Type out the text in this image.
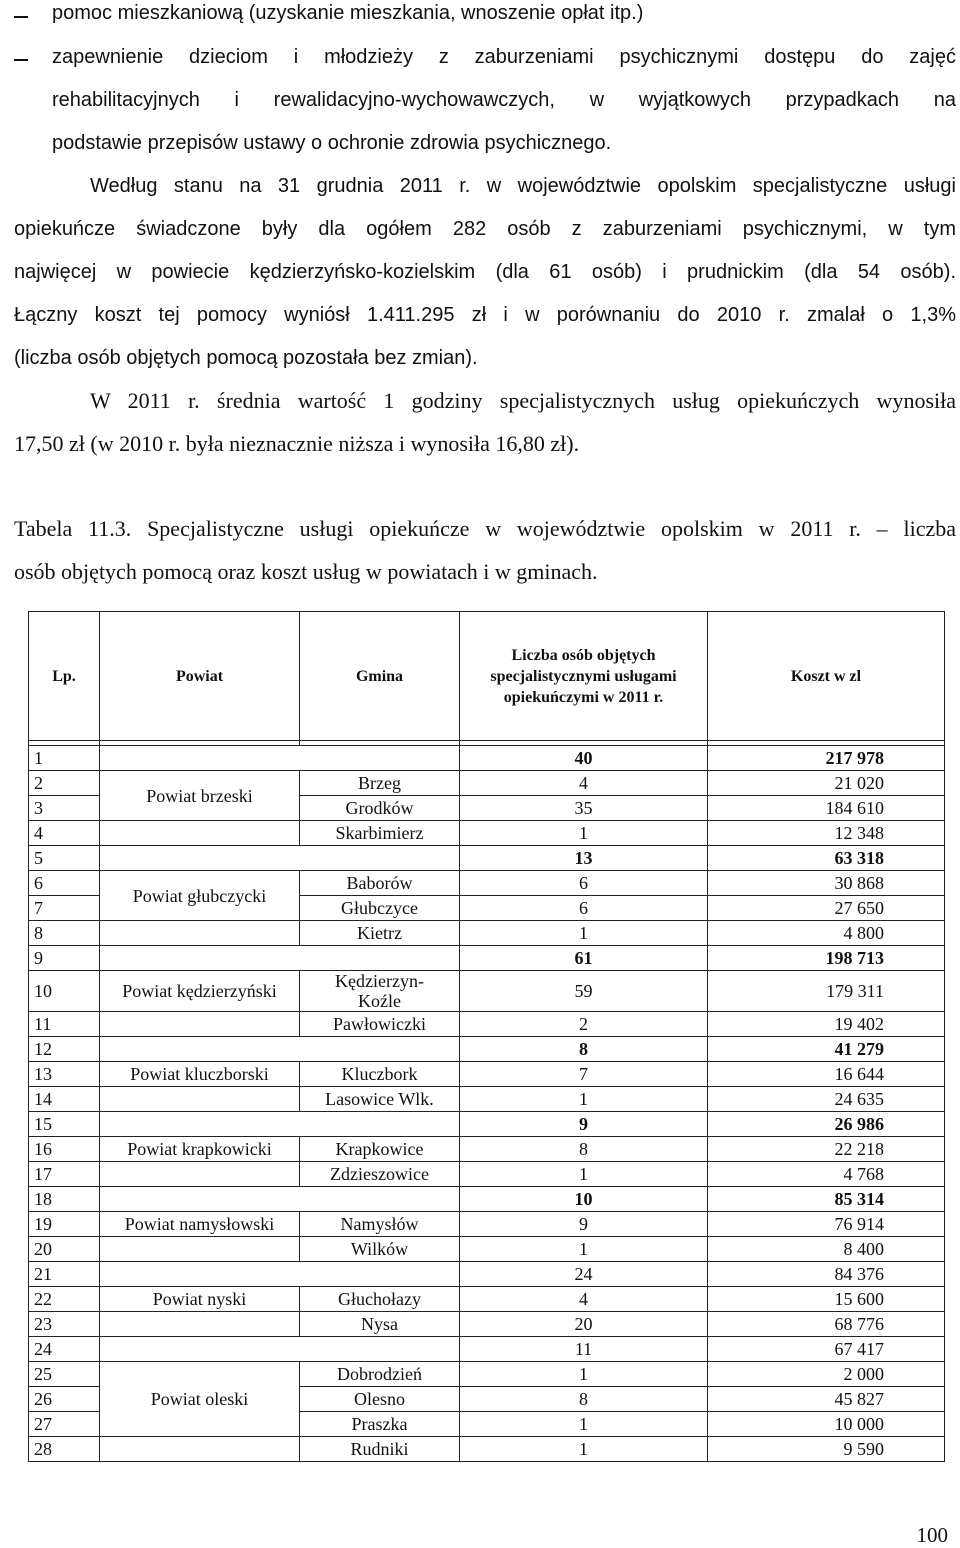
pomoc mieszkaniową (uzyskanie mieszkania, wnoszenie opłat itp.)
zapewnienie dzieciom i młodzieży z zaburzeniami psychicznymi dostępu do zajęć
rehabilitacyjnych i rewalidacyjno-wychowawczych, w wyjątkowych przypadkach na
podstawie przepisów ustawy o ochronie zdrowia psychicznego.
Według stanu na 31 grudnia 2011 r. w województwie opolskim specjalistyczne usługi
opiekuńcze świadczone były dla ogółem 282 osób z zaburzeniami psychicznymi, w tym
najwięcej w powiecie kędzierzyńsko-kozielskim (dla 61 osób) i prudnickim (dla 54 osób).
Łączny koszt tej pomocy wyniósł 1.411.295 zł i w porównaniu do 2010 r. zmalał o 1,3%
(liczba osób objętych pomocą pozostała bez zmian).
W 2011 r. średnia wartość 1 godziny specjalistycznych usług opiekuńczych wynosiła
17,50 zł (w 2010 r. była nieznacznie niższa i wynosiła 16,80 zł).
Tabela 11.3. Specjalistyczne usługi opiekuńcze w województwie opolskim w 2011 r. – liczba
osób objętych pomocą oraz koszt usług w powiatach i w gminach.
Lp.	Powiat	Gmina	Liczba osób objętych specjalistycznymi usługami opiekuńczymi w 2011 r.	Koszt w zl

1			40	217 978
2	Powiat brzeski	Brzeg	4	21 020
3		Grodków	35	184 610
4		Skarbimierz	1	12 348
5			13	63 318
6	Powiat głubczycki	Baborów	6	30 868
7		Głubczyce	6	27 650
8		Kietrz	1	4 800
9			61	198 713
10	Powiat kędzierzyński	Kędzierzyn-Koźle	59	179 311
11		Pawłowiczki	2	19 402
12			8	41 279
13	Powiat kluczborski	Kluczbork	7	16 644
14		Lasowice Wlk.	1	24 635
15			9	26 986
16	Powiat krapkowicki	Krapkowice	8	22 218
17		Zdzieszowice	1	4 768
18			10	85 314
19	Powiat namysłowski	Namysłów	9	76 914
20		Wilków	1	8 400
21			24	84 376
22	Powiat nyski	Głuchołazy	4	15 600
23		Nysa	20	68 776
24			11	67 417
25	Powiat oleski	Dobrodzień	1	2 000
26		Olesno	8	45 827
27		Praszka	1	10 000
28		Rudniki	1	9 590
100
